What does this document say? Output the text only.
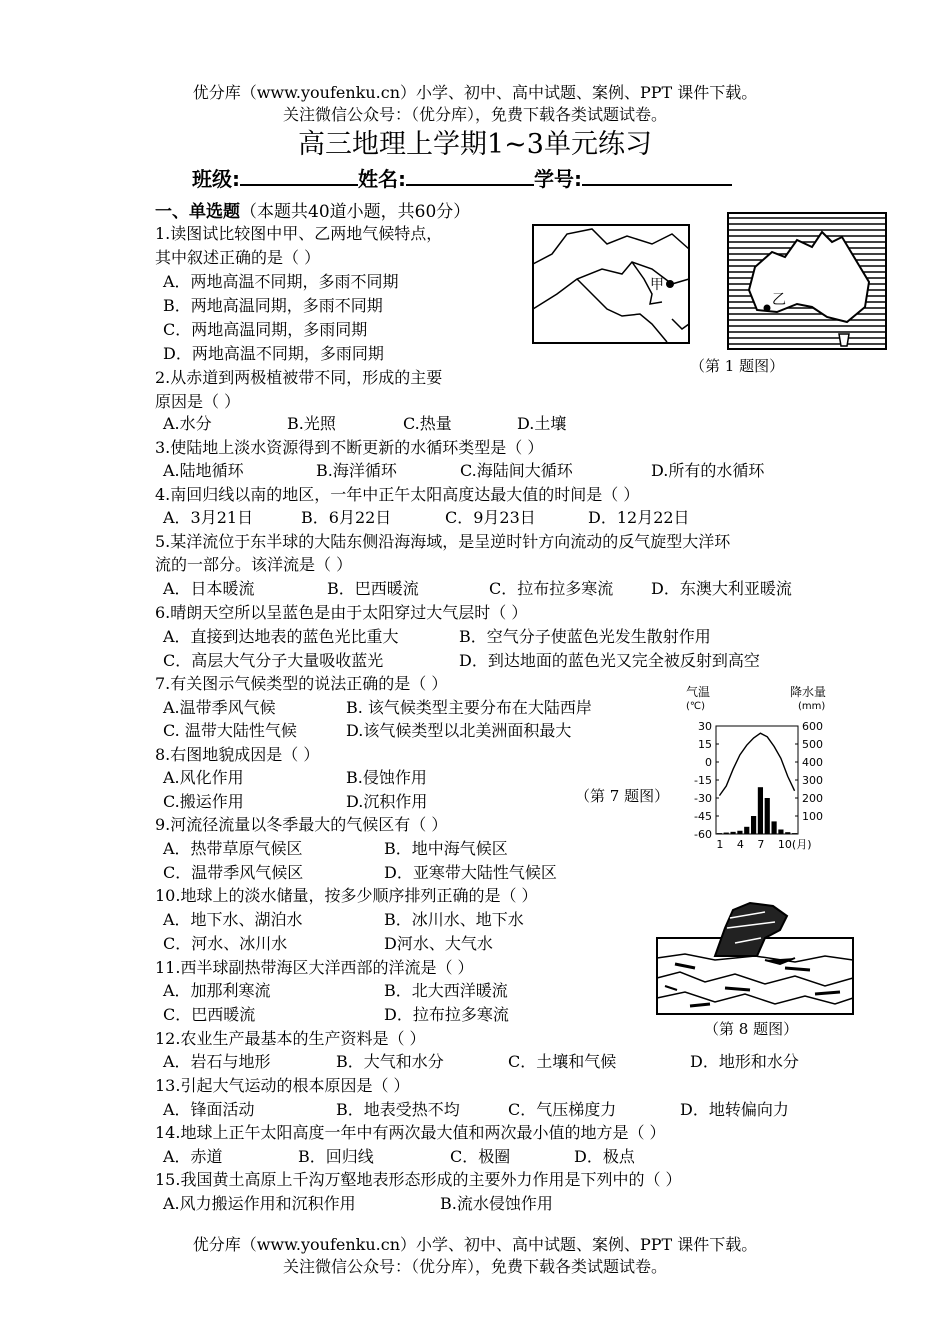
优分库（www.youfenku.cn）小学、初中、高中试题、案例、PPT 课件下载。
关注微信公众号：（优分库），免费下载各类试题试卷。
高三地理上学期1~3单元练习
班级:	姓名:	学号:
一、单选题（本题共40道小题，共60分）
1.读图试比较图中甲、乙两地气候特点，
其中叙述正确的是（ ）
A．两地高温不同期，多雨不同期
B．两地高温同期，多雨不同期
C．两地高温同期，多雨同期
D．两地高温不同期，多雨同期
2.从赤道到两极植被带不同，形成的主要
原因是（ ）
A.水分	B.光照	C.热量	D.土壤
3.使陆地上淡水资源得到不断更新的水循环类型是（ ）
A.陆地循环	B.海洋循环	C.海陆间大循环	D.所有的水循环
4.南回归线以南的地区，一年中正午太阳高度达最大值的时间是（ ）
A．3月21日	B．6月22日	C．9月23日	D．12月22日
5.某洋流位于东半球的大陆东侧沿海海域，是呈逆时针方向流动的反气旋型大洋环
流的一部分。该洋流是（ ）
A．日本暖流	B．巴西暖流	C．拉布拉多寒流 D．东澳大利亚暖流
6.晴朗天空所以呈蓝色是由于太阳穿过大气层时（ ）
A．直接到达地表的蓝色光比重大	B．空气分子使蓝色光发生散射作用
C．高层大气分子大量吸收蓝光	D．到达地面的蓝色光又完全被反射到高空
7.有关图示气候类型的说法正确的是（ ）
A.温带季风气候	B. 该气候类型主要分布在大陆西岸
C. 温带大陆性气候	D.该气候类型以北美洲面积最大
8.右图地貌成因是（ ）
A.风化作用	B.侵蚀作用
C.搬运作用	D.沉积作用
9.河流径流量以冬季最大的气候区有（ ）
A．热带草原气候区	B．地中海气候区
C．温带季风气候区	D．亚寒带大陆性气候区
10.地球上的淡水储量，按多少顺序排列正确的是（ ）
A．地下水、湖泊水	B．冰川水、地下水
C．河水、冰川水	D河水、大气水
11.西半球副热带海区大洋西部的洋流是（ ）
A．加那利寒流	B．北大西洋暖流
C．巴西暖流	D．拉布拉多寒流
12.农业生产最基本的生产资料是（ ）
A．岩石与地形	B．大气和水分	C．土壤和气候	D．地形和水分
13.引起大气运动的根本原因是（ ）
A．锋面活动	B．地表受热不均	C．气压梯度力	D．地转偏向力
14.地球上正午太阳高度一年中有两次最大值和两次最小值的地方是（ ）
A．赤道	B．回归线	C．极圈	D．极点
15.我国黄土高原上千沟万壑地表形态形成的主要外力作用是下列中的（ ）
A.风力搬运作用和沉积作用	B.流水侵蚀作用
优分库（www.youfenku.cn）小学、初中、高中试题、案例、PPT 课件下载。
关注微信公众号：（优分库），免费下载各类试题试卷。
甲
乙
（第 1 题图）
气温
(℃)
降水量
(mm)
30
15
0
-15
-30
-45
-60
600
500
400
300
200
100
1 4 7 10(月)
（第 7 题图）
（第 8 题图）
